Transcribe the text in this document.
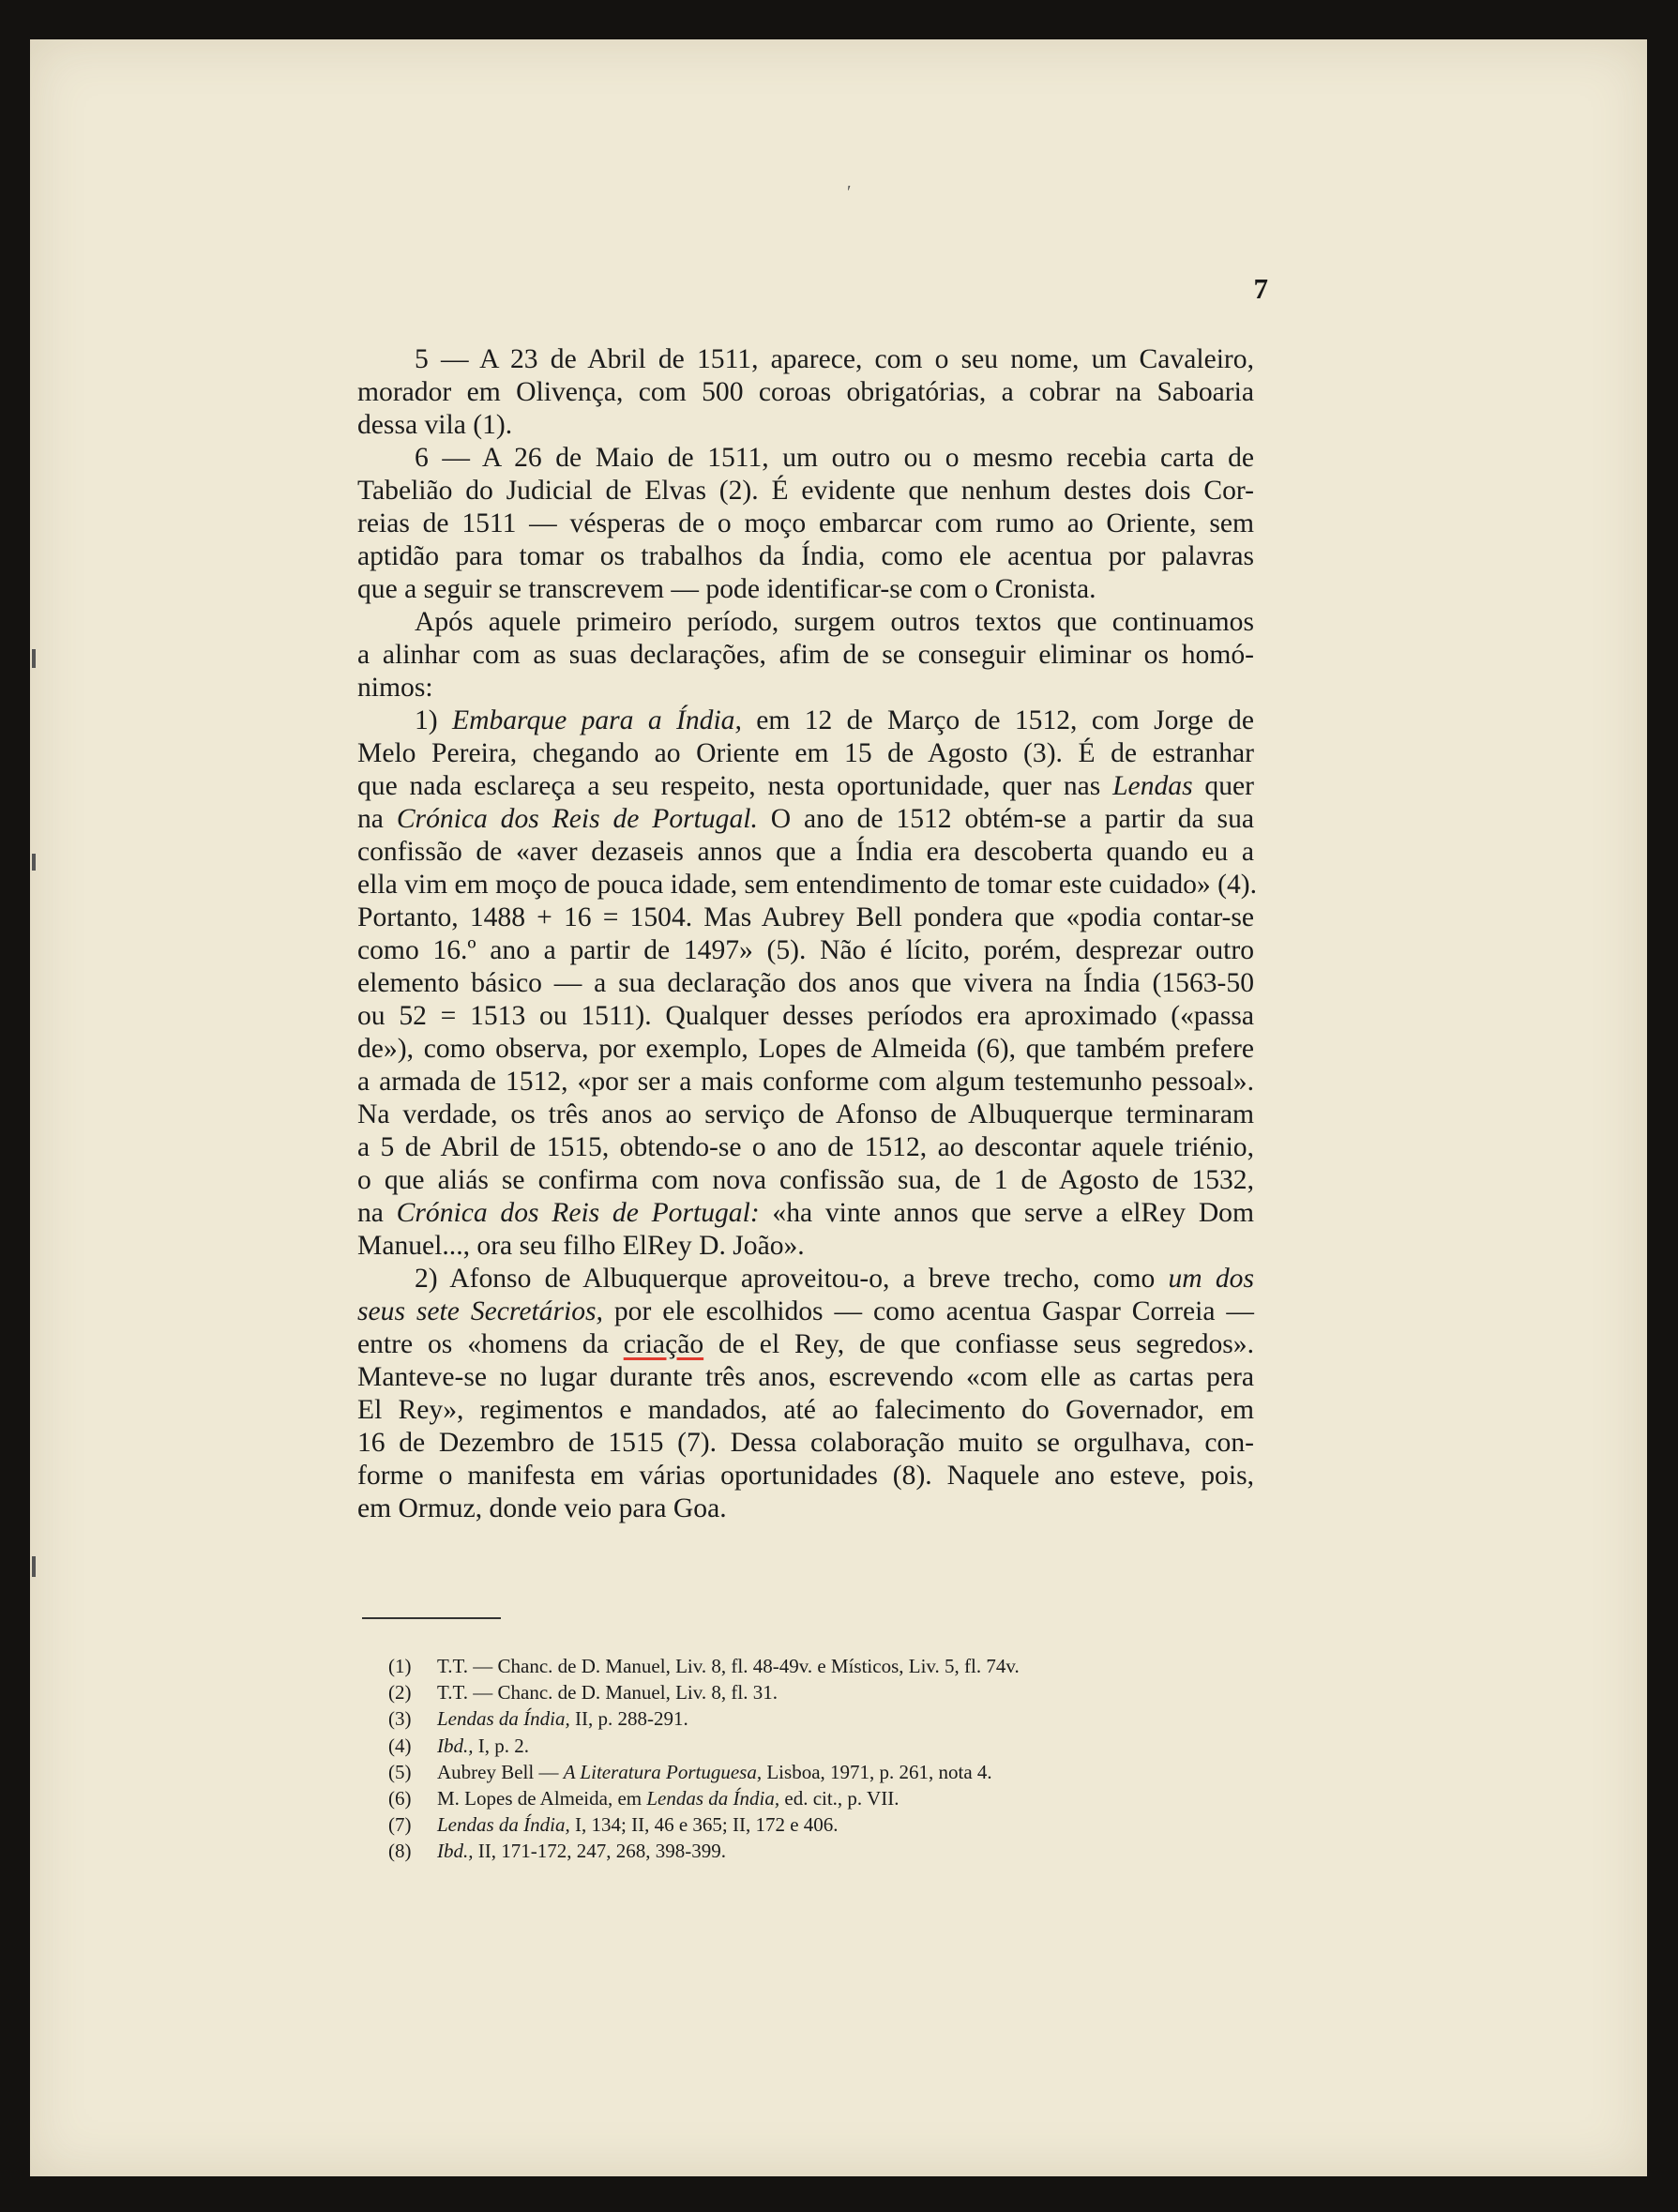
′
7
5 — A 23 de Abril de 1511, aparece, com o seu nome, um Cavaleiro,
morador em Olivença, com 500 coroas obrigatórias, a cobrar na Saboaria
dessa vila (1).
6 — A 26 de Maio de 1511, um outro ou o mesmo recebia carta de
Tabelião do Judicial de Elvas (2). É evidente que nenhum destes dois Cor-
reias de 1511 — vésperas de o moço embarcar com rumo ao Oriente, sem
aptidão para tomar os trabalhos da Índia, como ele acentua por palavras
que a seguir se transcrevem — pode identificar-se com o Cronista.
Após aquele primeiro período, surgem outros textos que continuamos
a alinhar com as suas declarações, afim de se conseguir eliminar os homó-
nimos:
1) Embarque para a Índia, em 12 de Março de 1512, com Jorge de
Melo Pereira, chegando ao Oriente em 15 de Agosto (3). É de estranhar
que nada esclareça a seu respeito, nesta oportunidade, quer nas Lendas quer
na Crónica dos Reis de Portugal. O ano de 1512 obtém-se a partir da sua
confissão de «aver dezaseis annos que a Índia era descoberta quando eu a
ella vim em moço de pouca idade, sem entendimento de tomar este cuidado» (4).
Portanto, 1488 + 16 = 1504. Mas Aubrey Bell pondera que «podia contar-se
como 16.º ano a partir de 1497» (5). Não é lícito, porém, desprezar outro
elemento básico — a sua declaração dos anos que vivera na Índia (1563-50
ou 52 = 1513 ou 1511). Qualquer desses períodos era aproximado («passa
de»), como observa, por exemplo, Lopes de Almeida (6), que também prefere
a armada de 1512, «por ser a mais conforme com algum testemunho pessoal».
Na verdade, os três anos ao serviço de Afonso de Albuquerque terminaram
a 5 de Abril de 1515, obtendo-se o ano de 1512, ao descontar aquele triénio,
o que aliás se confirma com nova confissão sua, de 1 de Agosto de 1532,
na Crónica dos Reis de Portugal: «ha vinte annos que serve a elRey Dom
Manuel..., ora seu filho ElRey D. João».
2) Afonso de Albuquerque aproveitou-o, a breve trecho, como um dos
seus sete Secretários, por ele escolhidos — como acentua Gaspar Correia —
entre os «homens da criação de el Rey, de que confiasse seus segredos».
Manteve-se no lugar durante três anos, escrevendo «com elle as cartas pera
El Rey», regimentos e mandados, até ao falecimento do Governador, em
16 de Dezembro de 1515 (7). Dessa colaboração muito se orgulhava, con-
forme o manifesta em várias oportunidades (8). Naquele ano esteve, pois,
em Ormuz, donde veio para Goa.
(1) T.T. — Chanc. de D. Manuel, Liv. 8, fl. 48-49v. e Místicos, Liv. 5, fl. 74v.
(2) T.T. — Chanc. de D. Manuel, Liv. 8, fl. 31.
(3) Lendas da Índia, II, p. 288-291.
(4) Ibd., I, p. 2.
(5) Aubrey Bell — A Literatura Portuguesa, Lisboa, 1971, p. 261, nota 4.
(6) M. Lopes de Almeida, em Lendas da Índia, ed. cit., p. VII.
(7) Lendas da Índia, I, 134; II, 46 e 365; II, 172 e 406.
(8) Ibd., II, 171-172, 247, 268, 398-399.
